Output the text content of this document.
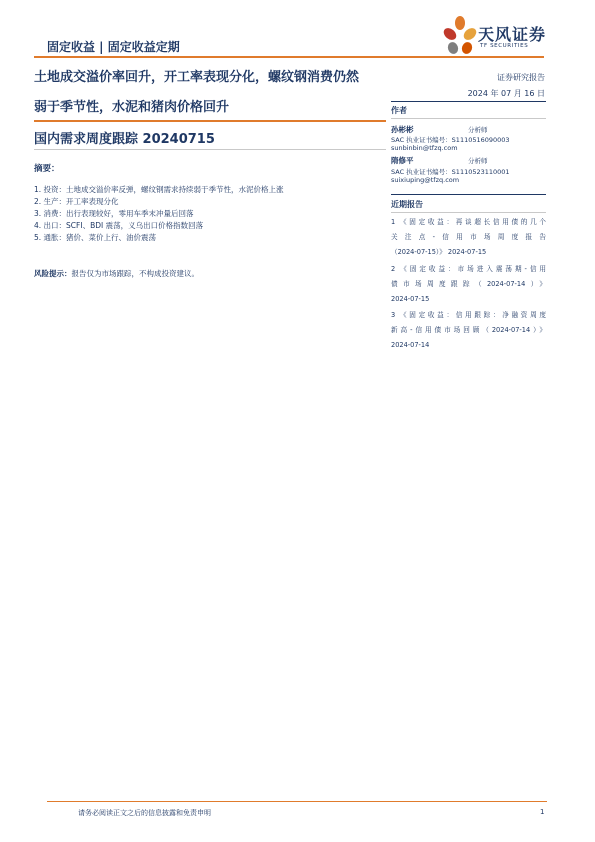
固定收益 | 固定收益定期
天风证券
TF SECURITIES
土地成交溢价率回升，开工率表现分化，螺纹钢消费仍然
弱于季节性，水泥和猪肉价格回升
国内需求周度跟踪 20240715
证券研究报告
2024 年 07 月 16 日
摘要：
1. 投资：土地成交溢价率反弹，螺纹钢需求持续弱于季节性，水泥价格上涨
2. 生产：开工率表现分化
3. 消费：出行表现较好，零用车季末冲量后回落
4. 出口：SCFI、BDI 震荡，义乌出口价格指数回落
5. 通胀：猪价、菜价上行、油价震荡
风险提示：报告仅为市场跟踪，不构成投资建议。
作者
孙彬彬	分析师
SAC 执业证书编号：S1110516090003
sunbinbin@tfzq.com
隋修平	分析师
SAC 执业证书编号：S1110523110001
suixiuping@tfzq.com
近期报告
1 《固定收益：再谈超长信用债的几个
关注点-信用市场周度报告

（2024-07-15）》 2024-07-15
2 《固定收益：市场进入震荡期-信用
债市场周度跟踪（2024-07-14）》

2024-07-15
3 《固定收益：信用跟踪：净融资周度
新高-信用债市场回顾（2024-07-14）》

2024-07-14
请务必阅读正文之后的信息披露和免责申明	1
